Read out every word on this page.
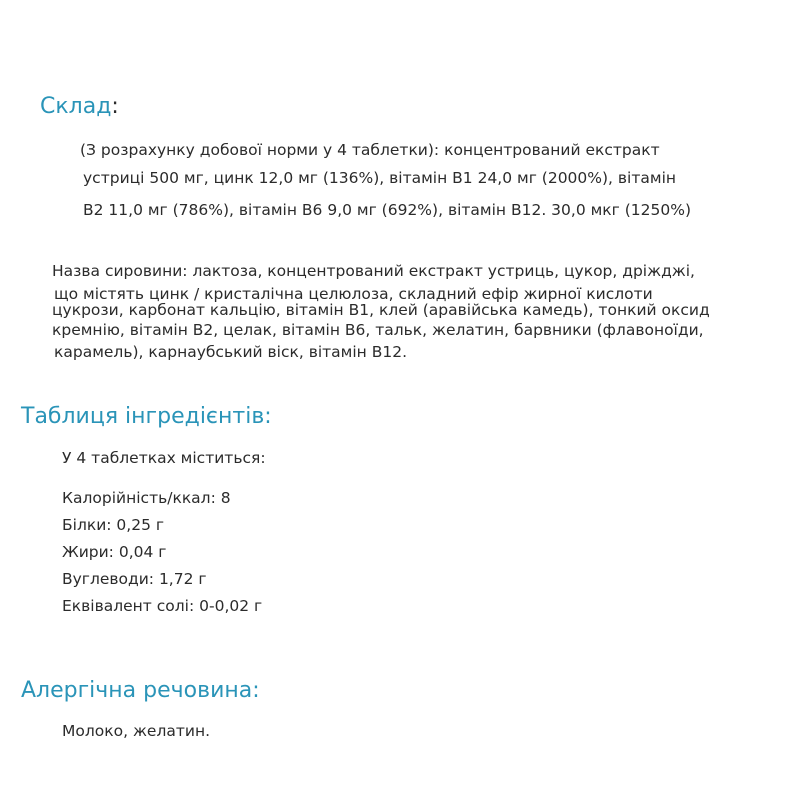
Склад:

(З розрахунку добової норми у 4 таблетки): концентрований екстракт

устриці 500 мг, цинк 12,0 мг (136%), вітамін B1 24,0 мг (2000%), вітамін

B2 11,0 мг (786%), вітамін B6 9,0 мг (692%), вітамін B12. 30,0 мкг (1250%)

Назва сировини: лактоза, концентрований екстракт устриць, цукор, дріжджі,

що містять цинк / кристалічна целюлоза, складний ефір жирної кислоти

цукрози, карбонат кальцію, вітамін B1, клей (аравійська камедь), тонкий оксид

кремнію, вітамін B2, целак, вітамін B6, тальк, желатин, барвники (флавоноїди,

карамель), карнаубський віск, вітамін B12.

Таблиця інгредієнтів:

У 4 таблетках міститься:

Калорійність/ккал: 8

Білки: 0,25 г

Жири: 0,04 г

Вуглеводи: 1,72 г

Еквівалент солі: 0-0,02 г

Алергічна речовина:

Молоко, желатин.
